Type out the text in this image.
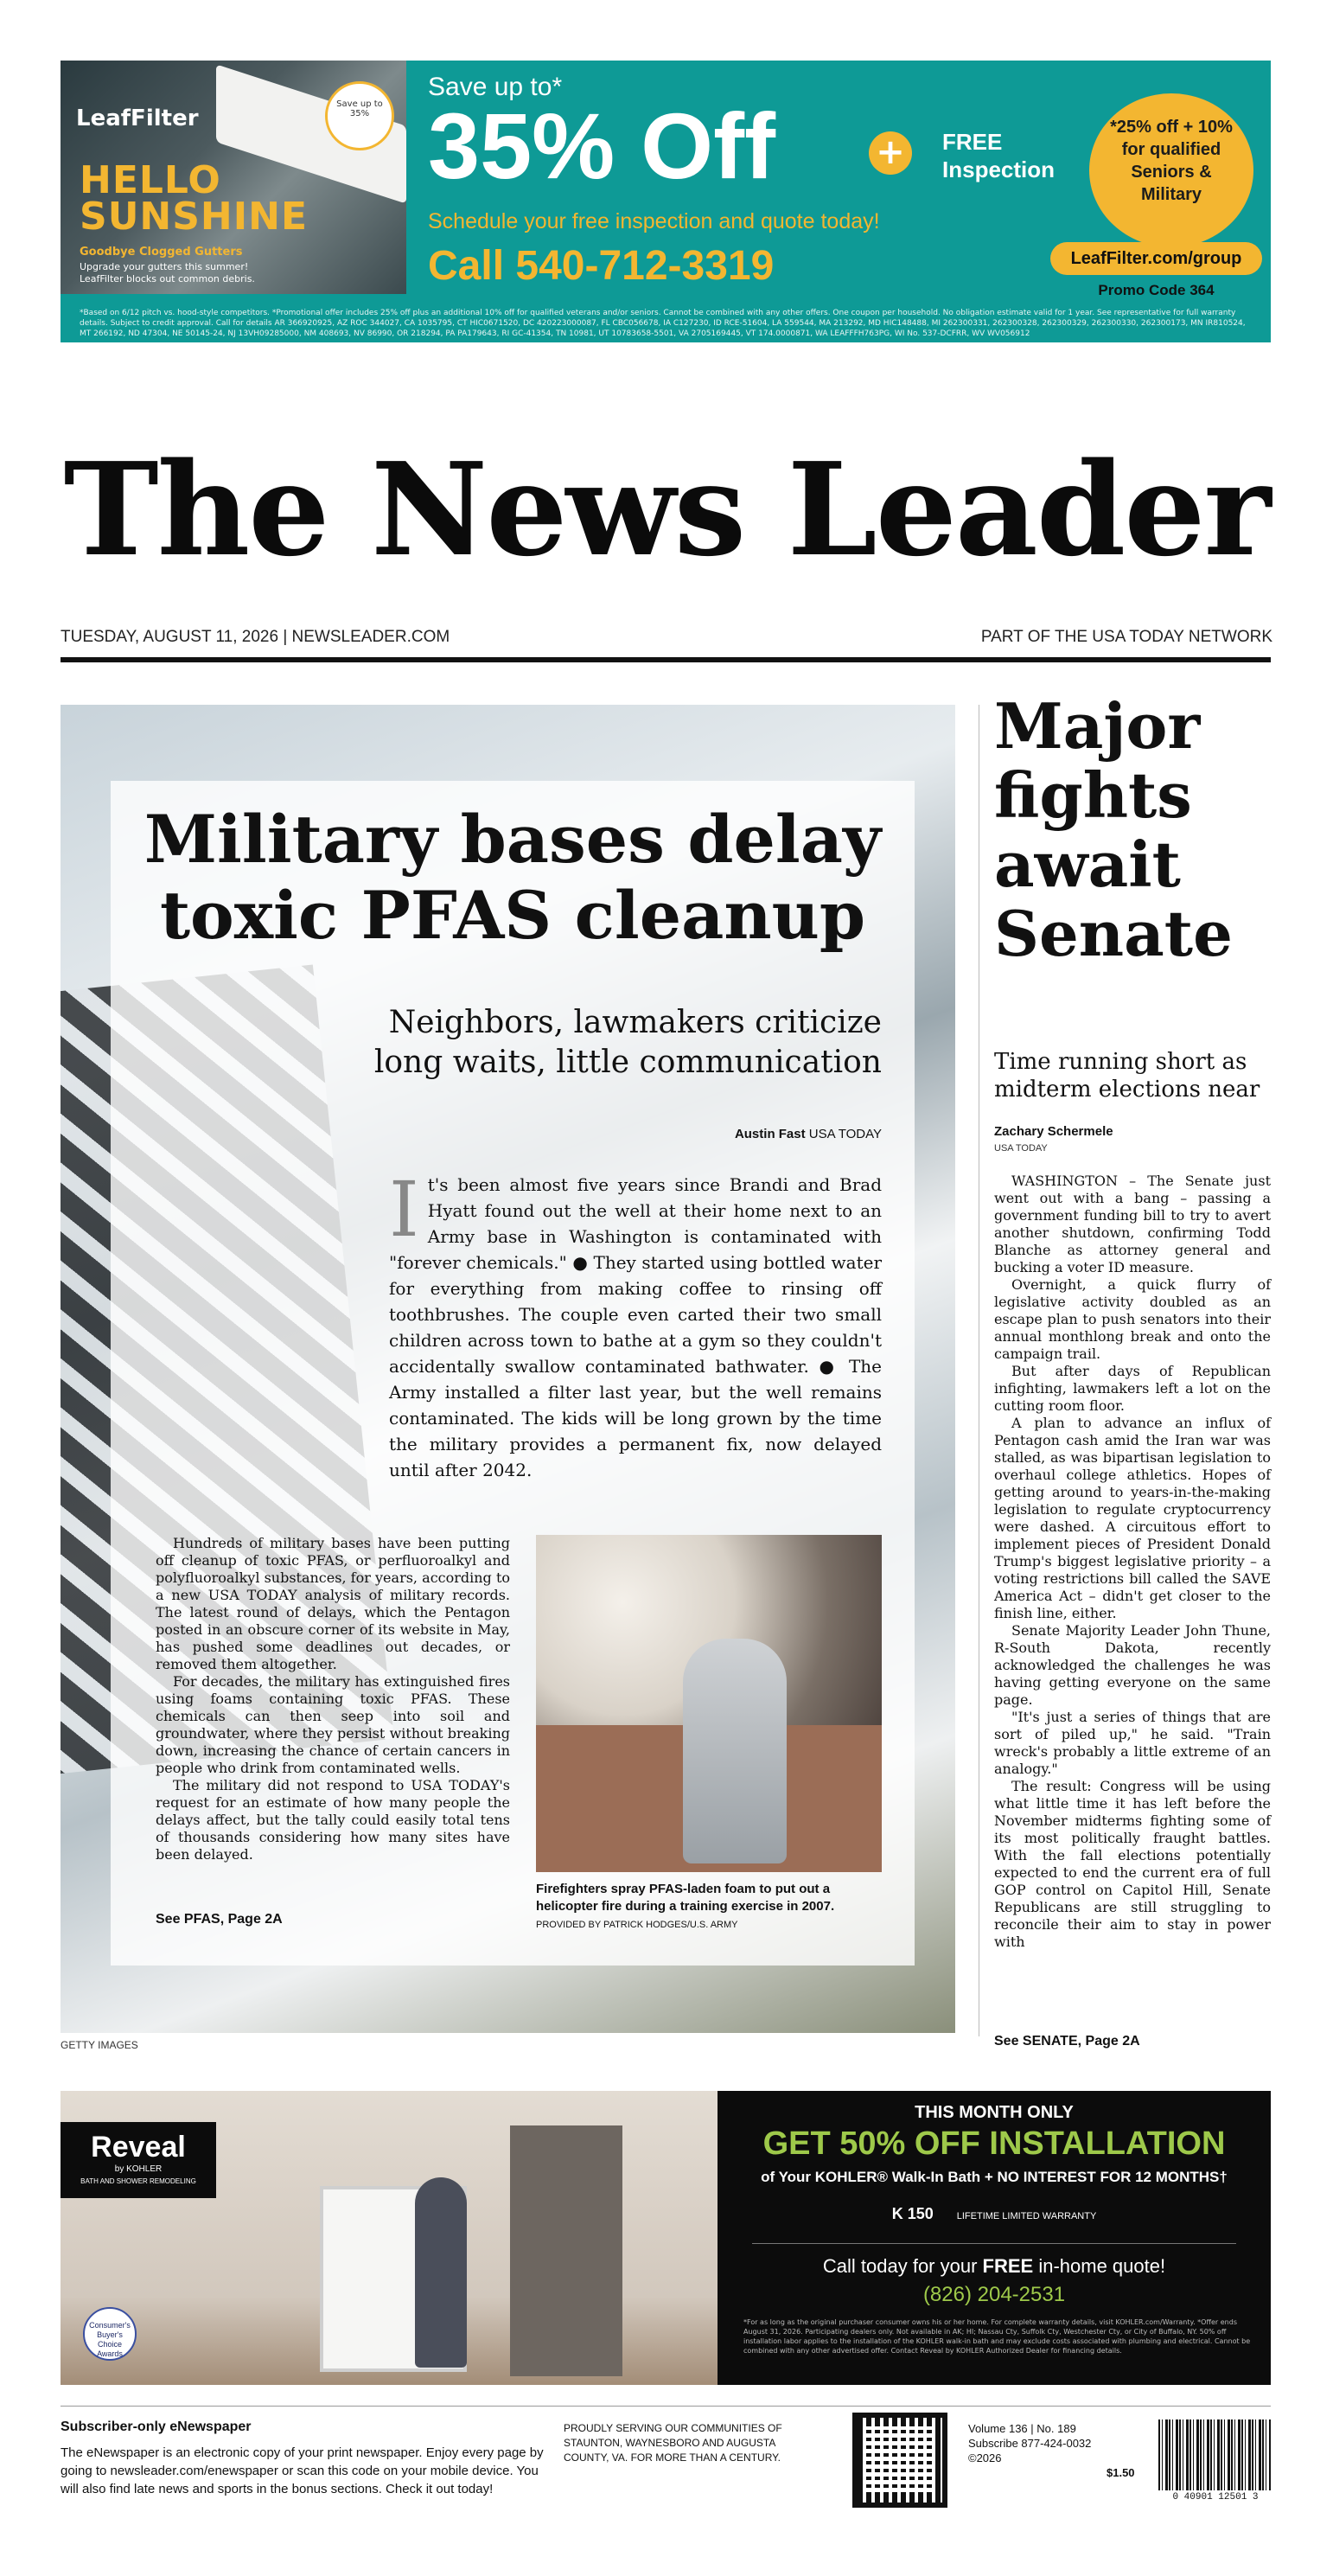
LeafFilter
HELLO SUNSHINE
Goodbye Clogged Gutters
Upgrade your gutters this summer! LeafFilter blocks out common debris.
Save up to 35%
Save up to*
35% Off	+	FREE
Inspection
Schedule your free inspection and quote today!
Call 540-712-3319
*25% off + 10%
for qualified
Seniors &
Military
LeafFilter.com/group
Promo Code 364
*Based on 6/12 pitch vs. hood-style competitors. *Promotional offer includes 25% off plus an additional 10% off for qualified veterans and/or seniors. Cannot be combined with any other offers. One coupon per household. No obligation estimate valid for 1 year. See representative for full warranty details. Subject to credit approval. Call for details AR 366920925, AZ ROC 344027, CA 1035795, CT HIC0671520, DC 420223000087, FL CBC056678, IA C127230, ID RCE-51604, LA 559544, MA 213292, MD HIC148488, MI 262300331, 262300328, 262300329, 262300330, 262300173, MN IR810524, MT 266192, ND 47304, NE 50145-24, NJ 13VH09285000, NM 408693, NV 86990, OR 218294, PA PA179643, RI GC-41354, TN 10981, UT 10783658-5501, VA 2705169445, VT 174.0000871, WA LEAFFFH763PG, WI No. 537-DCFRR, WV WV056912
The News Leader
TUESDAY, AUGUST 11, 2026 | NEWSLEADER.COM	PART OF THE USA TODAY NETWORK
Military bases delay toxic PFAS cleanup
Neighbors, lawmakers criticize long waits, little communication
Austin Fast USA TODAY
I t's been almost five years since Brandi and Brad Hyatt found out the well at their home next to an Army base in Washington is contaminated with "forever chemicals." ● They started using bottled water for everything from making coffee to rinsing off toothbrushes. The couple even carted their two small children across town to bathe at a gym so they couldn't accidentally swallow contaminated bathwater. ● The Army installed a filter last year, but the well remains contaminated. The kids will be long grown by the time the military provides a permanent fix, now delayed until after 2042.

Hundreds of military bases have been putting off cleanup of toxic PFAS, or perfluoroalkyl and polyfluoroalkyl substances, for years, according to a new USA TODAY analysis of military records. The latest round of delays, which the Pentagon posted in an obscure corner of its website in May, has pushed some deadlines out decades, or removed them altogether.

For decades, the military has extinguished fires using foams containing toxic PFAS. These chemicals can then seep into soil and groundwater, where they persist without breaking down, increasing the chance of certain cancers in people who drink from contaminated wells.

The military did not respond to USA TODAY's request for an estimate of how many people the delays affect, but the tally could easily total tens of thousands considering how many sites have been delayed.

See PFAS, Page 2A
Firefighters spray PFAS-laden foam to put out a helicopter fire during a training exercise in 2007. PROVIDED BY PATRICK HODGES/U.S. ARMY
GETTY IMAGES
Major fights await Senate
Time running short as midterm elections near
Zachary Schermele
USA TODAY

WASHINGTON – The Senate just went out with a bang – passing a government funding bill to try to avert another shutdown, confirming Todd Blanche as attorney general and bucking a voter ID measure.

Overnight, a quick flurry of legislative activity doubled as an escape plan to push senators into their annual monthlong break and onto the campaign trail.

But after days of Republican infighting, lawmakers left a lot on the cutting room floor.

A plan to advance an influx of Pentagon cash amid the Iran war was stalled, as was bipartisan legislation to overhaul college athletics. Hopes of getting around to years-in-the-making legislation to regulate cryptocurrency were dashed. A circuitous effort to implement pieces of President Donald Trump's biggest legislative priority – a voting restrictions bill called the SAVE America Act – didn't get closer to the finish line, either.

Senate Majority Leader John Thune, R-South Dakota, recently acknowledged the challenges he was having getting everyone on the same page.

"It's just a series of things that are sort of piled up," he said. "Train wreck's probably a little extreme of an analogy."

The result: Congress will be using what little time it has left before the November midterms fighting some of its most politically fraught battles. With the fall elections potentially expected to end the current era of full GOP control on Capitol Hill, Senate Republicans are still struggling to reconcile their aim to stay in power with

See SENATE, Page 2A
Reveal
by KOHLER
BATH AND SHOWER REMODELING
Consumer's Buyer's Choice Awards
THIS MONTH ONLY
GET 50% OFF INSTALLATION
of Your KOHLER® Walk-In Bath + NO INTEREST FOR 12 MONTHS†
K 150 LIFETIME LIMITED WARRANTY
Call today for your FREE in-home quote!
(826) 204-2531
*For as long as the original purchaser consumer owns his or her home. For complete warranty details, visit KOHLER.com/Warranty. *Offer ends August 31, 2026. Participating dealers only. Not available in AK; HI; Nassau Cty, Suffolk Cty, Westchester Cty, or City of Buffalo, NY. 50% off installation labor applies to the installation of the KOHLER walk-in bath and may exclude costs associated with plumbing and electrical. Cannot be combined with any other advertised offer. Contact Reveal by KOHLER Authorized Dealer for financing details.
Subscriber-only eNewspaper
The eNewspaper is an electronic copy of your print newspaper. Enjoy every page by going to newsleader.com/enewspaper or scan this code on your mobile device. You will also find late news and sports in the bonus sections. Check it out today!
PROUDLY SERVING OUR COMMUNITIES OF STAUNTON, WAYNESBORO AND AUGUSTA COUNTY, VA. FOR MORE THAN A CENTURY.
Volume 136 | No. 189
Subscribe 877-424-0032
©2026
$1.50
0 40901 12501 3
